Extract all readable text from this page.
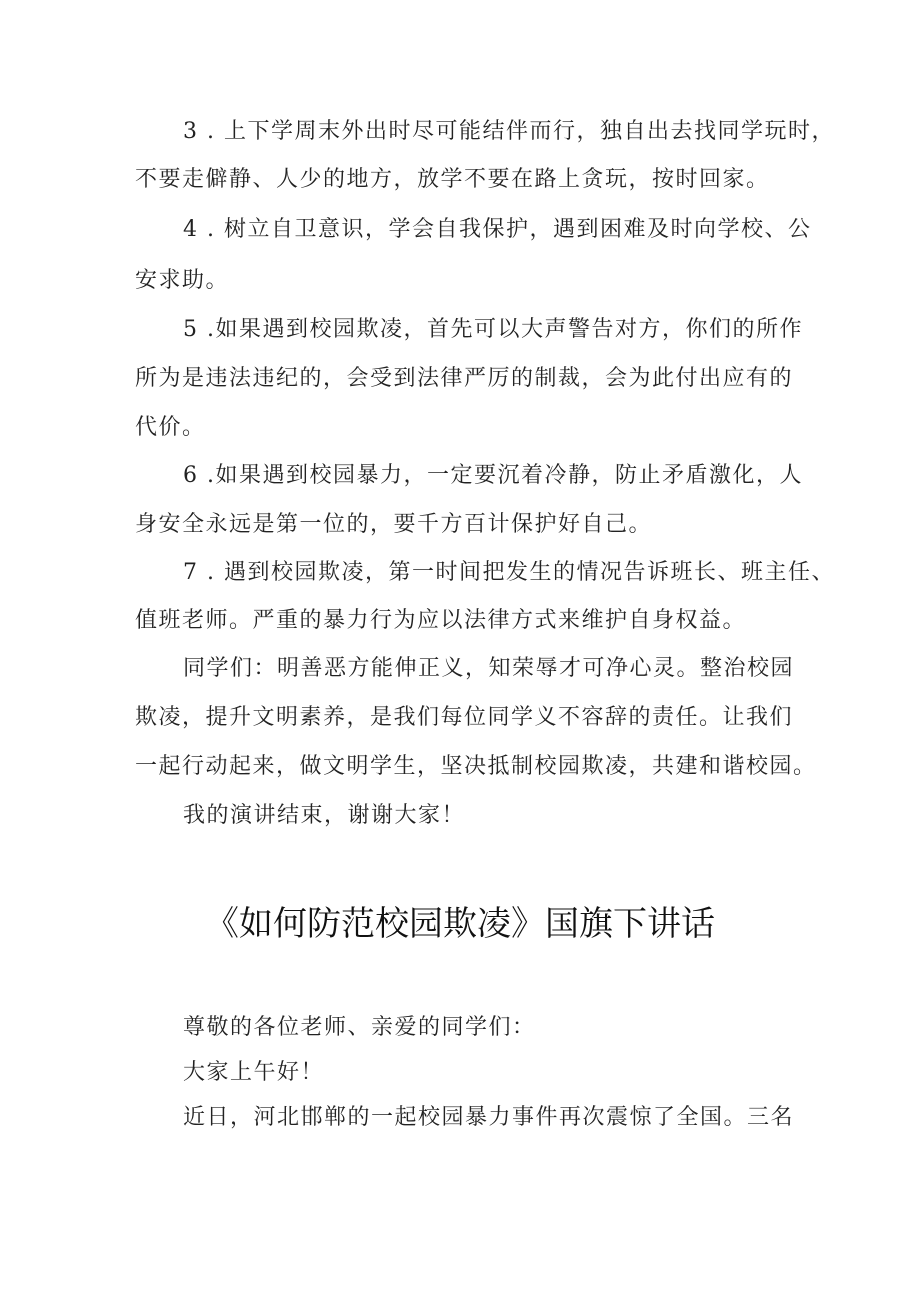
3 . 上下学周末外出时尽可能结伴而行，独自出去找同学玩时，
不要走僻静、人少的地方，放学不要在路上贪玩，按时回家。
4 . 树立自卫意识，学会自我保护，遇到困难及时向学校、公
安求助。
5 .如果遇到校园欺凌，首先可以大声警告对方，你们的所作
所为是违法违纪的，会受到法律严厉的制裁，会为此付出应有的
代价。
6 .如果遇到校园暴力，一定要沉着冷静，防止矛盾激化，人
身安全永远是第一位的，要千方百计保护好自己。
7 . 遇到校园欺凌，第一时间把发生的情况告诉班长、班主任、
值班老师。严重的暴力行为应以法律方式来维护自身权益。
同学们：明善恶方能伸正义，知荣辱才可净心灵。整治校园
欺凌，提升文明素养，是我们每位同学义不容辞的责任。让我们
一起行动起来，做文明学生，坚决抵制校园欺凌，共建和谐校园。
我的演讲结束，谢谢大家！
《如何防范校园欺凌》国旗下讲话
尊敬的各位老师、亲爱的同学们：
大家上午好！
近日，河北邯郸的一起校园暴力事件再次震惊了全国。三名
